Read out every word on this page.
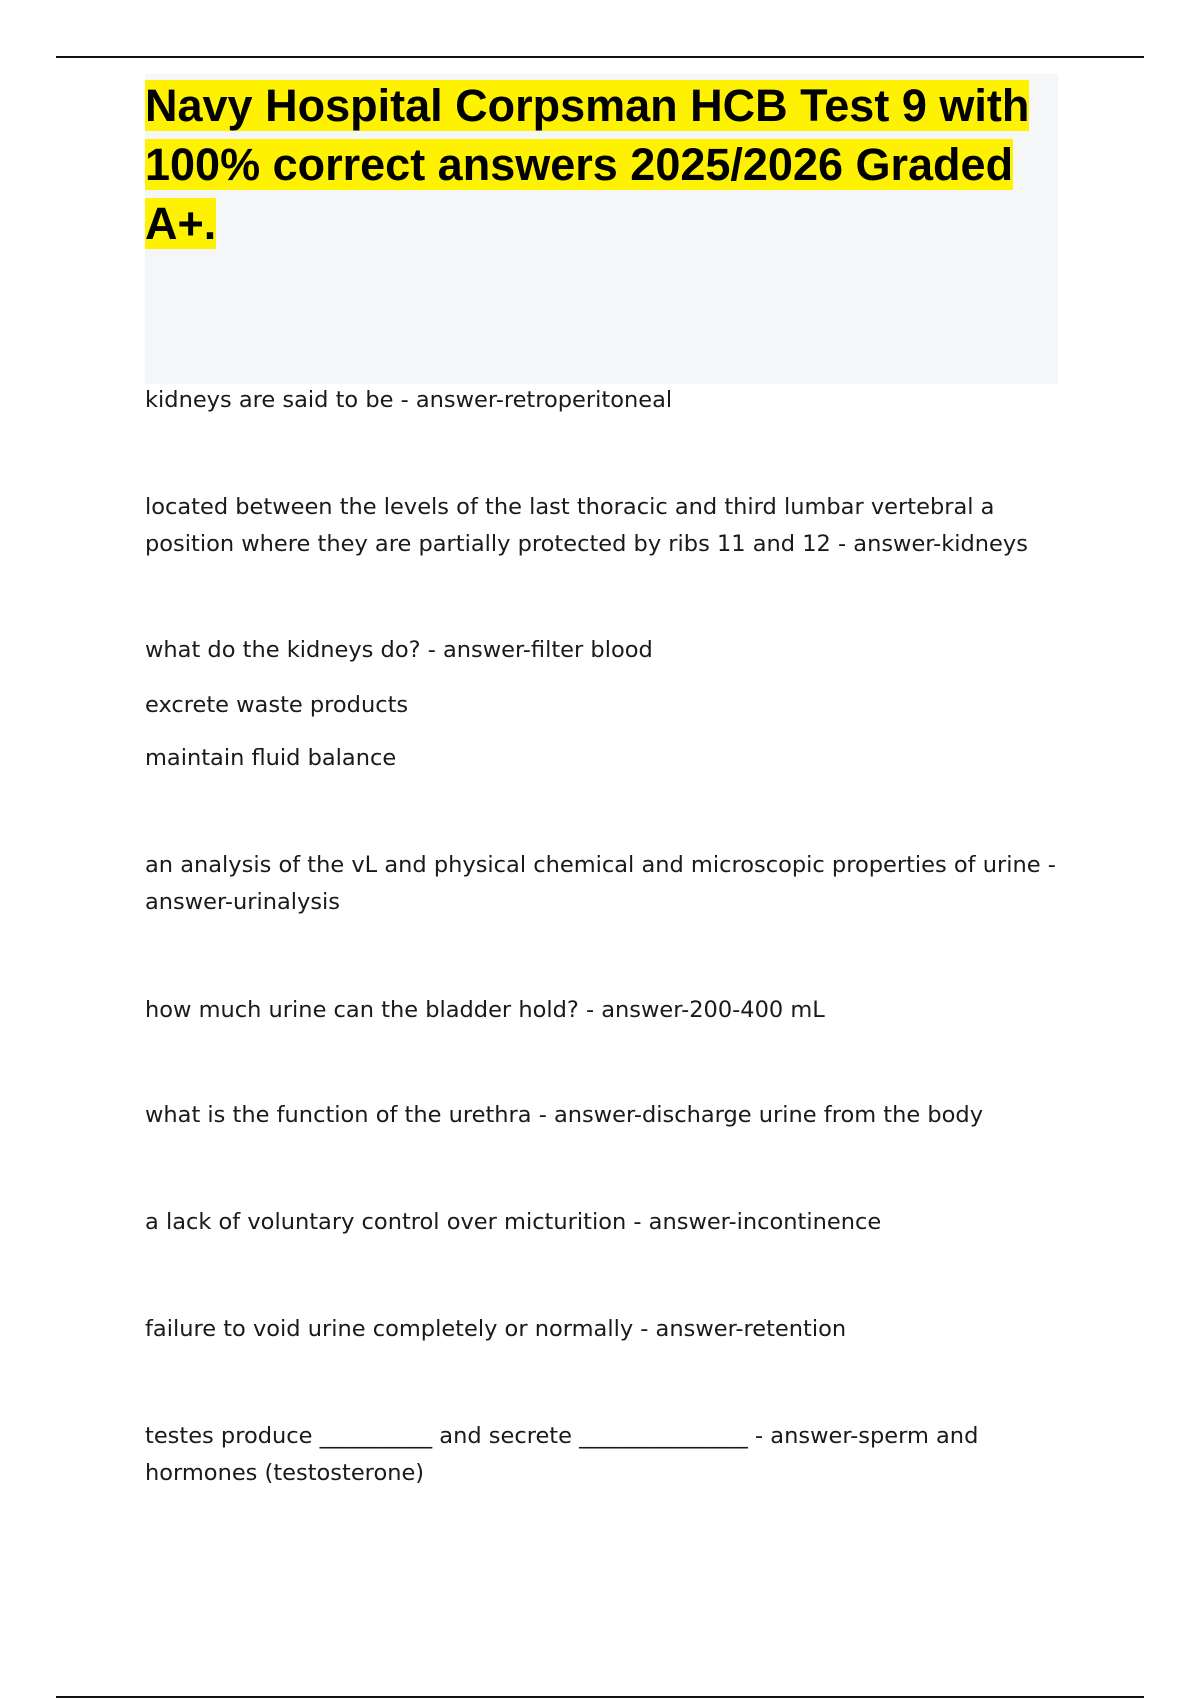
Navy Hospital Corpsman HCB Test 9 with 100% correct answers 2025/2026 Graded A+.

kidneys are said to be - answer-retroperitoneal

located between the levels of the last thoracic and third lumbar vertebral a position where they are partially protected by ribs 11 and 12 - answer-kidneys

what do the kidneys do? - answer-filter blood

excrete waste products

maintain fluid balance

an analysis of the vL and physical chemical and microscopic properties of urine - answer-urinalysis

how much urine can the bladder hold? - answer-200-400 mL

what is the function of the urethra - answer-discharge urine from the body

a lack of voluntary control over micturition - answer-incontinence

failure to void urine completely or normally - answer-retention

testes produce __________ and secrete _______________ - answer-sperm and hormones (testosterone)
